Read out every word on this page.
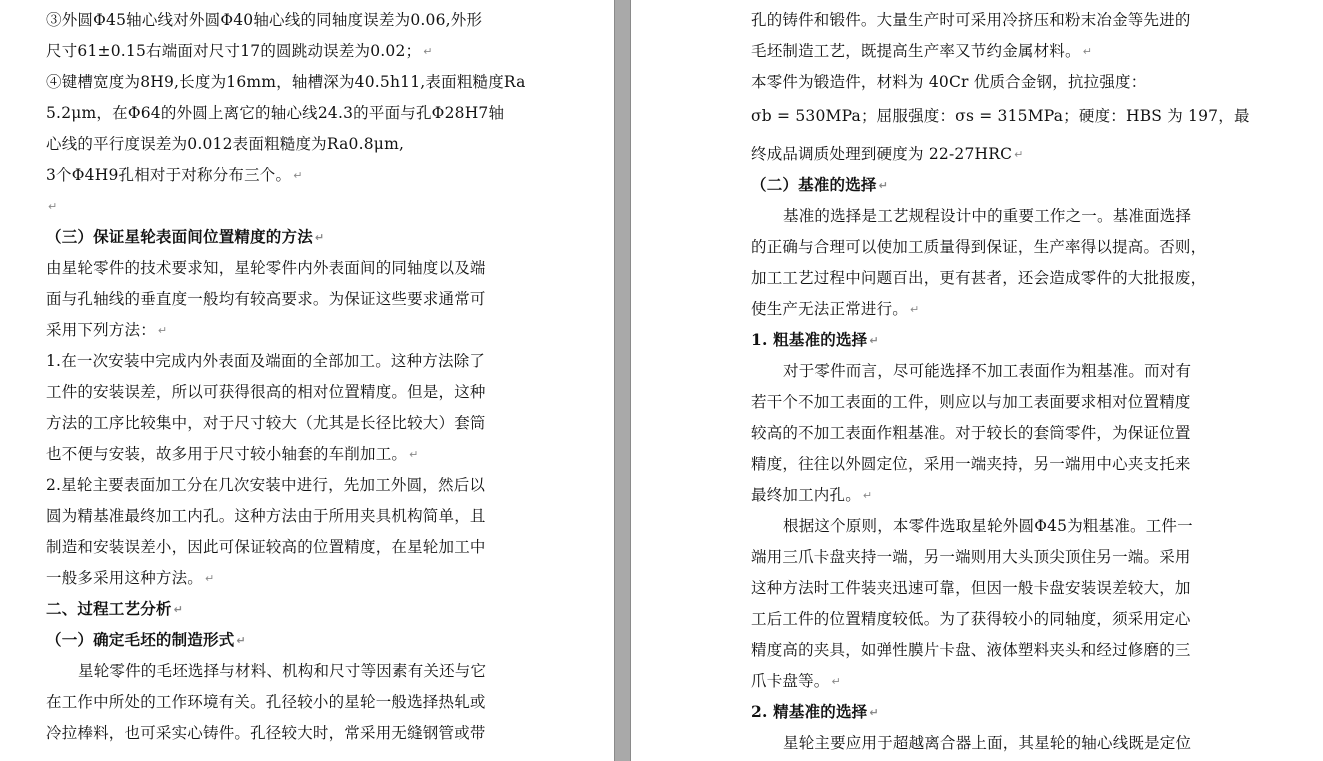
③外圆Φ45轴心线对外圆Φ40轴心线的同轴度误差为0.06,外形
尺寸61±0.15右端面对尺寸17的圆跳动误差为0.02； ↵
④键槽宽度为8H9,长度为16mm，轴槽深为40.5h11,表面粗糙度Ra
5.2μm，在Φ64的外圆上离它的轴心线24.3的平面与孔Φ28H7轴
心线的平行度误差为0.012表面粗糙度为Ra0.8μm,
3个Φ4H9孔相对于对称分布三个。 ↵
↵
（三）保证星轮表面间位置精度的方法 ↵
由星轮零件的技术要求知，星轮零件内外表面间的同轴度以及端
面与孔轴线的垂直度一般均有较高要求。为保证这些要求通常可
采用下列方法： ↵
1.在一次安装中完成内外表面及端面的全部加工。这种方法除了
工件的安装误差，所以可获得很高的相对位置精度。但是，这种
方法的工序比较集中，对于尺寸较大（尤其是长径比较大）套筒
也不便与安装，故多用于尺寸较小轴套的车削加工。 ↵
2.星轮主要表面加工分在几次安装中进行，先加工外圆，然后以
圆为精基准最终加工内孔。这种方法由于所用夹具机构简单，且
制造和安装误差小，因此可保证较高的位置精度，在星轮加工中
一般多采用这种方法。 ↵
二、过程工艺分析 ↵
（一）确定毛坯的制造形式 ↵
星轮零件的毛坯选择与材料、机构和尺寸等因素有关还与它
在工作中所处的工作环境有关。孔径较小的星轮一般选择热轧或
冷拉棒料，也可采实心铸件。孔径较大时，常采用无缝钢管或带
孔的铸件和锻件。大量生产时可采用冷挤压和粉末冶金等先进的
毛坯制造工艺，既提高生产率又节约金属材料。 ↵
本零件为锻造件，材料为 40Cr 优质合金钢，抗拉强度：
σb = 530MPa；屈服强度：σs = 315MPa；硬度：HBS 为 197，最
终成品调质处理到硬度为 22-27HRC ↵
（二）基准的选择 ↵
基准的选择是工艺规程设计中的重要工作之一。基准面选择
的正确与合理可以使加工质量得到保证，生产率得以提高。否则，
加工工艺过程中问题百出，更有甚者，还会造成零件的大批报废，
使生产无法正常进行。 ↵
1. 粗基准的选择 ↵
对于零件而言，尽可能选择不加工表面作为粗基准。而对有
若干个不加工表面的工件，则应以与加工表面要求相对位置精度
较高的不加工表面作粗基准。对于较长的套筒零件，为保证位置
精度，往往以外圆定位，采用一端夹持，另一端用中心夹支托来
最终加工内孔。 ↵
根据这个原则，本零件选取星轮外圆Φ45为粗基准。工件一
端用三爪卡盘夹持一端，另一端则用大头顶尖顶住另一端。采用
这种方法时工件装夹迅速可靠，但因一般卡盘安装误差较大，加
工后工件的位置精度较低。为了获得较小的同轴度，须采用定心
精度高的夹具，如弹性膜片卡盘、液体塑料夹头和经过修磨的三
爪卡盘等。 ↵
2. 精基准的选择 ↵
星轮主要应用于超越离合器上面，其星轮的轴心线既是定位
